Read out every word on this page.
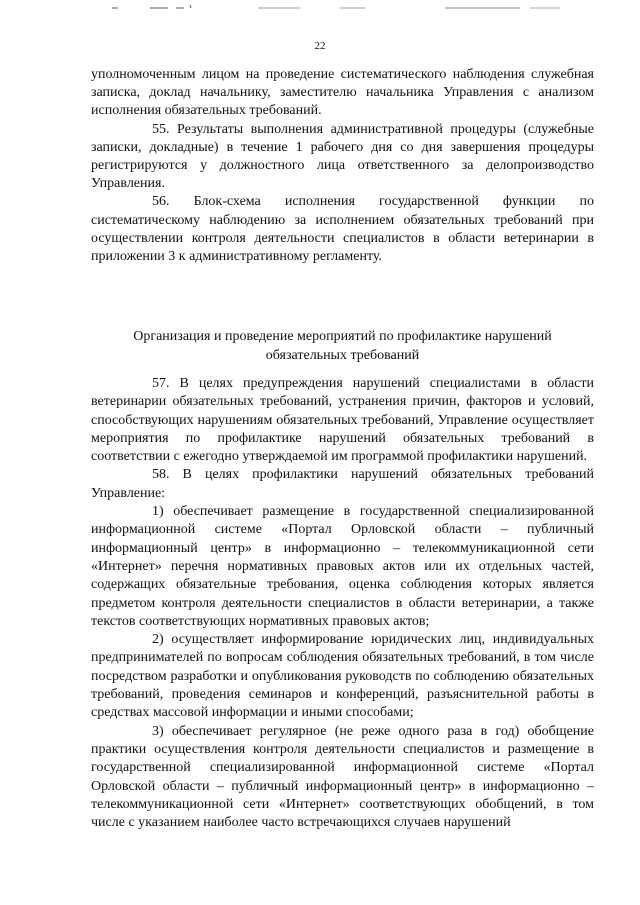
22

уполномоченным лицом на проведение систематического наблюдения служебная записка, доклад начальнику, заместителю начальника Управления с анализом исполнения обязательных требований.

55. Результаты выполнения административной процедуры (служебные записки, докладные) в течение 1 рабочего дня со дня завершения процедуры регистрируются у должностного лица ответственного за делопроизводство Управления.

56. Блок-схема исполнения государственной функции по систематическому наблюдению за исполнением обязательных требований при осуществлении контроля деятельности специалистов в области ветеринарии в приложении 3 к административному регламенту.

Организация и проведение мероприятий по профилактике нарушений обязательных требований

57. В целях предупреждения нарушений специалистами в области ветеринарии обязательных требований, устранения причин, факторов и условий, способствующих нарушениям обязательных требований, Управление осуществляет мероприятия по профилактике нарушений обязательных требований в соответствии с ежегодно утверждаемой им программой профилактики нарушений.

58. В целях профилактики нарушений обязательных требований Управление:

1) обеспечивает размещение в государственной специализированной информационной системе «Портал Орловской области – публичный информационный центр» в информационно – телекоммуникационной сети «Интернет» перечня нормативных правовых актов или их отдельных частей, содержащих обязательные требования, оценка соблюдения которых является предметом контроля деятельности специалистов в области ветеринарии, а также текстов соответствующих нормативных правовых актов;

2) осуществляет информирование юридических лиц, индивидуальных предпринимателей по вопросам соблюдения обязательных требований, в том числе посредством разработки и опубликования руководств по соблюдению обязательных требований, проведения семинаров и конференций, разъяснительной работы в средствах массовой информации и иными способами;

3) обеспечивает регулярное (не реже одного раза в год) обобщение практики осуществления контроля деятельности специалистов и размещение в государственной специализированной информационной системе «Портал Орловской области – публичный информационный центр» в информационно – телекоммуникационной сети «Интернет» соответствующих обобщений, в том числе с указанием наиболее часто встречающихся случаев нарушений
